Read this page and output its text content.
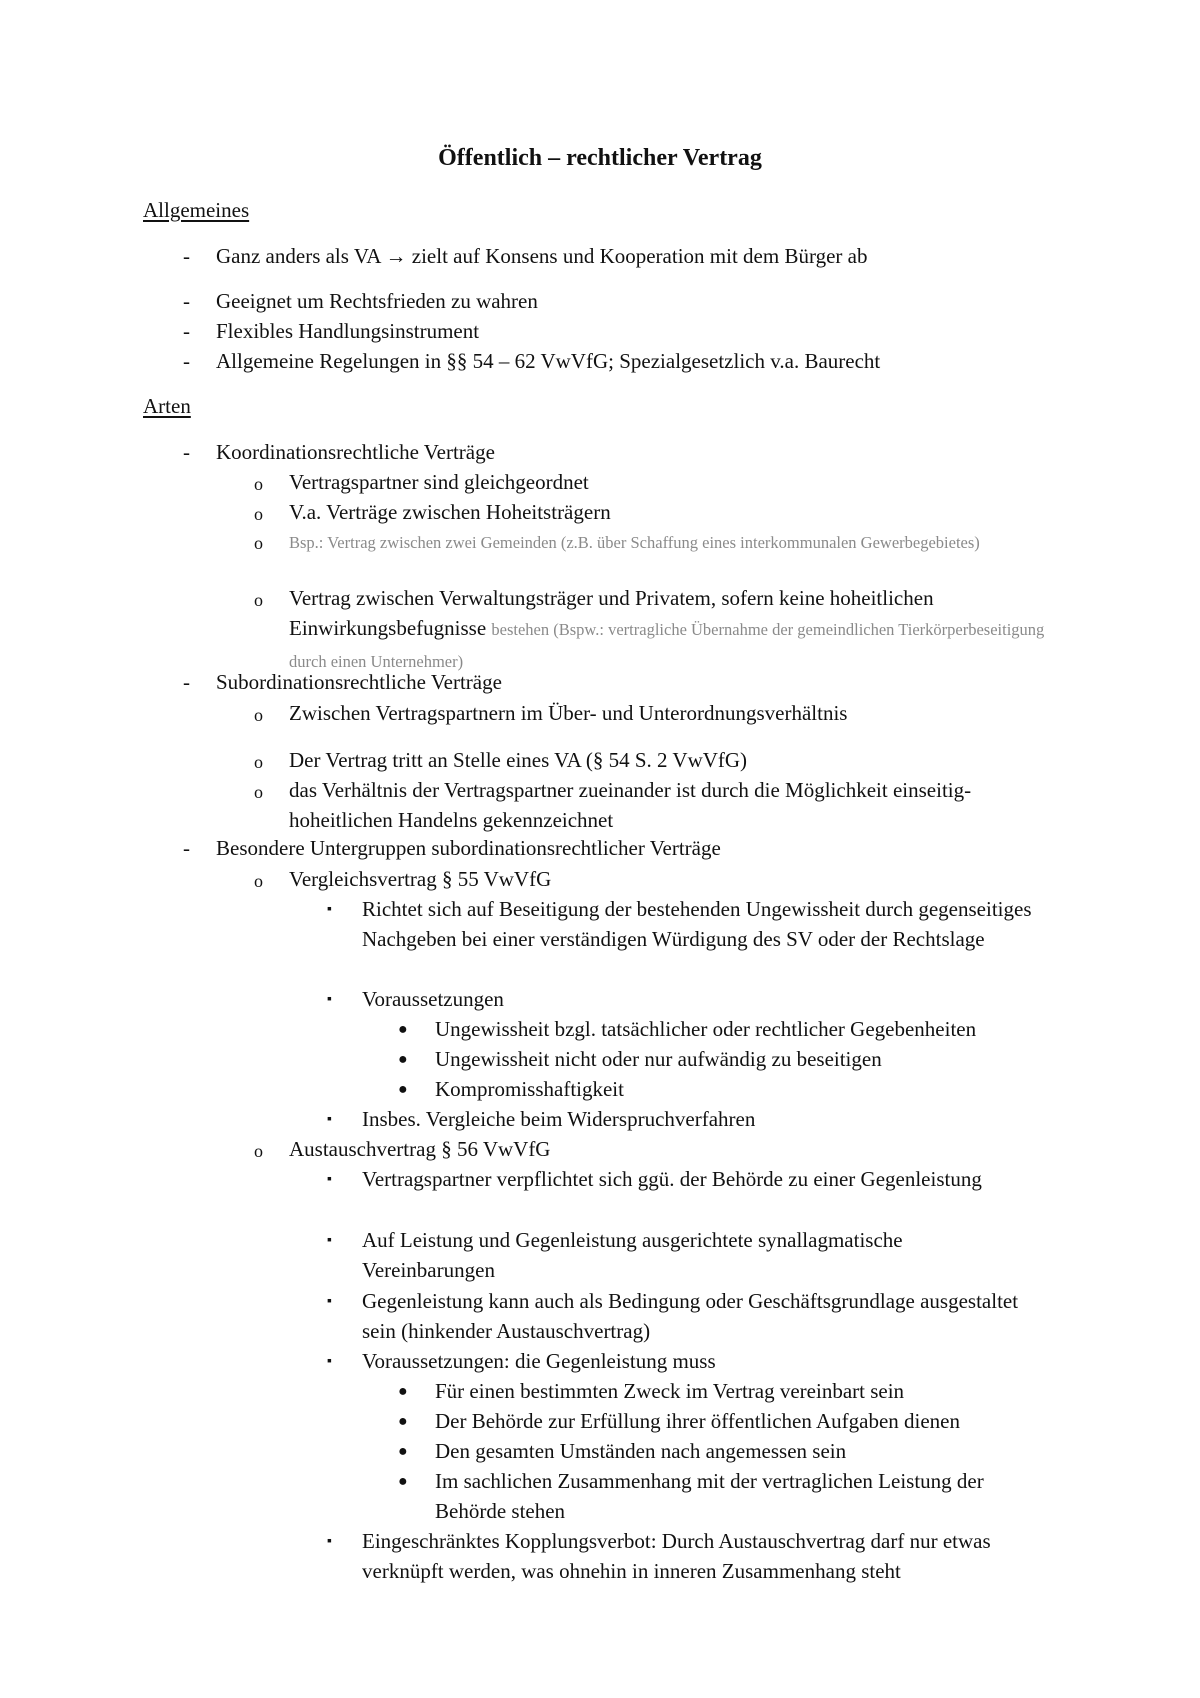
Öffentlich – rechtlicher Vertrag
Allgemeines
- Ganz anders als VA → zielt auf Konsens und Kooperation mit dem Bürger ab
- Geeignet um Rechtsfrieden zu wahren
- Flexibles Handlungsinstrument
- Allgemeine Regelungen in §§ 54 – 62 VwVfG; Spezialgesetzlich v.a. Baurecht
Arten
- Koordinationsrechtliche Verträge
o Vertragspartner sind gleichgeordnet
o V.a. Verträge zwischen Hoheitsträgern
o Bsp.: Vertrag zwischen zwei Gemeinden (z.B. über Schaffung eines interkommunalen Gewerbegebietes)
o Vertrag zwischen Verwaltungsträger und Privatem, sofern keine hoheitlichen Einwirkungsbefugnisse bestehen (Bspw.: vertragliche Übernahme der gemeindlichen Tierkörperbeseitigung durch einen Unternehmer)
- Subordinationsrechtliche Verträge
o Zwischen Vertragspartnern im Über- und Unterordnungsverhältnis
o Der Vertrag tritt an Stelle eines VA (§ 54 S. 2 VwVfG)
o das Verhältnis der Vertragspartner zueinander ist durch die Möglichkeit einseitig-hoheitlichen Handelns gekennzeichnet
- Besondere Untergruppen subordinationsrechtlicher Verträge
o Vergleichsvertrag § 55 VwVfG
▪ Richtet sich auf Beseitigung der bestehenden Ungewissheit durch gegenseitiges Nachgeben bei einer verständigen Würdigung des SV oder der Rechtslage
▪ Voraussetzungen
● Ungewissheit bzgl. tatsächlicher oder rechtlicher Gegebenheiten
● Ungewissheit nicht oder nur aufwändig zu beseitigen
● Kompromisshaftigkeit
▪ Insbes. Vergleiche beim Widerspruchverfahren
o Austauschvertrag § 56 VwVfG
▪ Vertragspartner verpflichtet sich ggü. der Behörde zu einer Gegenleistung
▪ Auf Leistung und Gegenleistung ausgerichtete synallagmatische Vereinbarungen
▪ Gegenleistung kann auch als Bedingung oder Geschäftsgrundlage ausgestaltet sein (hinkender Austauschvertrag)
▪ Voraussetzungen: die Gegenleistung muss
● Für einen bestimmten Zweck im Vertrag vereinbart sein
● Der Behörde zur Erfüllung ihrer öffentlichen Aufgaben dienen
● Den gesamten Umständen nach angemessen sein
● Im sachlichen Zusammenhang mit der vertraglichen Leistung der Behörde stehen
▪ Eingeschränktes Kopplungsverbot: Durch Austauschvertrag darf nur etwas verknüpft werden, was ohnehin in inneren Zusammenhang steht
